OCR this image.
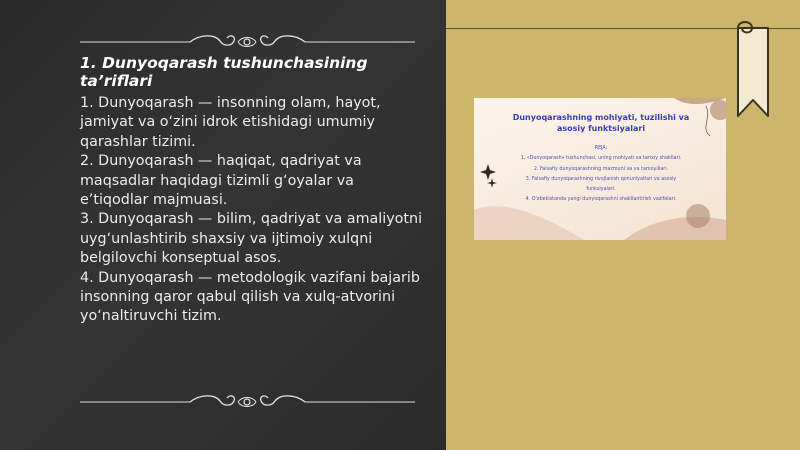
1. Dunyoqarash tushunchasining ta’riflari

1. Dunyoqarash — insonning olam, hayot, jamiyat va o‘zini idrok etishidagi umumiy qarashlar tizimi.

2. Dunyoqarash — haqiqat, qadriyat va maqsadlar haqidagi tizimli g‘oyalar va e’tiqodlar majmuasi.

3. Dunyoqarash — bilim, qadriyat va amaliyotni uyg‘unlashtirib shaxsiy va ijtimoiy xulqni belgilovchi konseptual asos.

4. Dunyoqarash — metodologik vazifani bajarib insonning qaror qabul qilish va xulq-atvorini yo‘naltiruvchi tizim.

Dunyoqarashning mohiyati, tuzilishi va asosiy funktsiyalari
REJA:
1. «Dunyoqarash» tushunchasi, uning mohiyati va tarixiy shakllari.
2. Falsafiy dunyoqarashning mazmuni va va tamoyillari.
3. Falsafiy dunyoqarashning rivojlanish qonuniyatlari va asosiy
funksiyalari.
4. O‘zbekistonda yangi dunyoqarashni shakllantirish vazifalari.
